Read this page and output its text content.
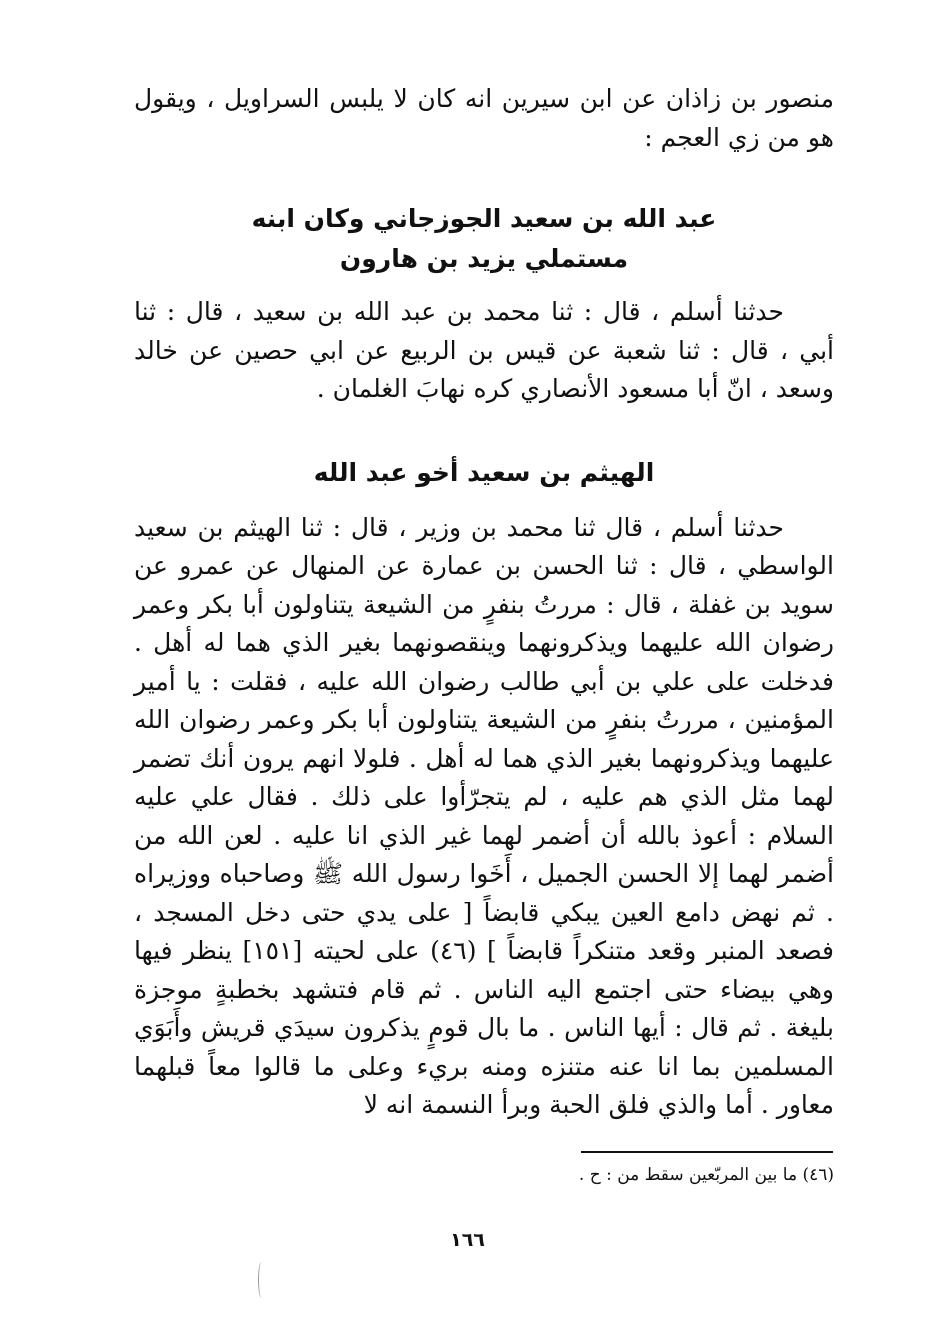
منصور بن زاذان عن ابن سيرين انه كان لا يلبس السراويل ، ويقول هو من زي العجم :

عبد الله بن سعيد الجوزجاني وكان ابنه
مستملي يزيد بن هارون

حدثنا أسلم ، قال : ثنا محمد بن عبد الله بن سعيد ، قال : ثنا أبي ، قال : ثنا شعبة عن قيس بن الربيع عن ابي حصين عن خالد وسعد ، انّ أبا مسعود الأنصاري كره نهابَ الغلمان .

الهيثم بن سعيد أخو عبد الله

حدثنا أسلم ، قال ثنا محمد بن وزير ، قال : ثنا الهيثم بن سعيد الواسطي ، قال : ثنا الحسن بن عمارة عن المنهال عن عمرو عن سويد بن غفلة ، قال : مررتُ بنفرٍ من الشيعة يتناولون أبا بكر وعمر رضوان الله عليهما ويذكرونهما وينقصونهما بغير الذي هما له أهل . فدخلت على علي بن أبي طالب رضوان الله عليه ، فقلت : يا أمير المؤمنين ، مررتُ بنفرٍ من الشيعة يتناولون أبا بكر وعمر رضوان الله عليهما ويذكرونهما بغير الذي هما له أهل . فلولا انهم يرون أنك تضمر لهما مثل الذي هم عليه ، لم يتجرّأوا على ذلك . فقال علي عليه السلام : أعوذ بالله أن أضمر لهما غير الذي انا عليه . لعن الله من أضمر لهما إلا الحسن الجميل ، أَخَوا رسول الله ﷺ وصاحباه ووزيراه . ثم نهض دامع العين يبكي قابضاً [ على يدي حتى دخل المسجد ، فصعد المنبر وقعد متنكراً قابضاً ] (٤٦) على لحيته [١٥١] ينظر فيها وهي بيضاء حتى اجتمع اليه الناس . ثم قام فتشهد بخطبةٍ موجزة بليغة . ثم قال : أيها الناس . ما بال قومٍ يذكرون سيدَي قريش وأَبَوَي المسلمين بما انا عنه متنزه ومنه بريء وعلى ما قالوا معاً قبلهما معاور . أما والذي فلق الحبة وبرأ النسمة انه لا

(٤٦) ما بين المربّعين سقط من : ح .

١٦٦
